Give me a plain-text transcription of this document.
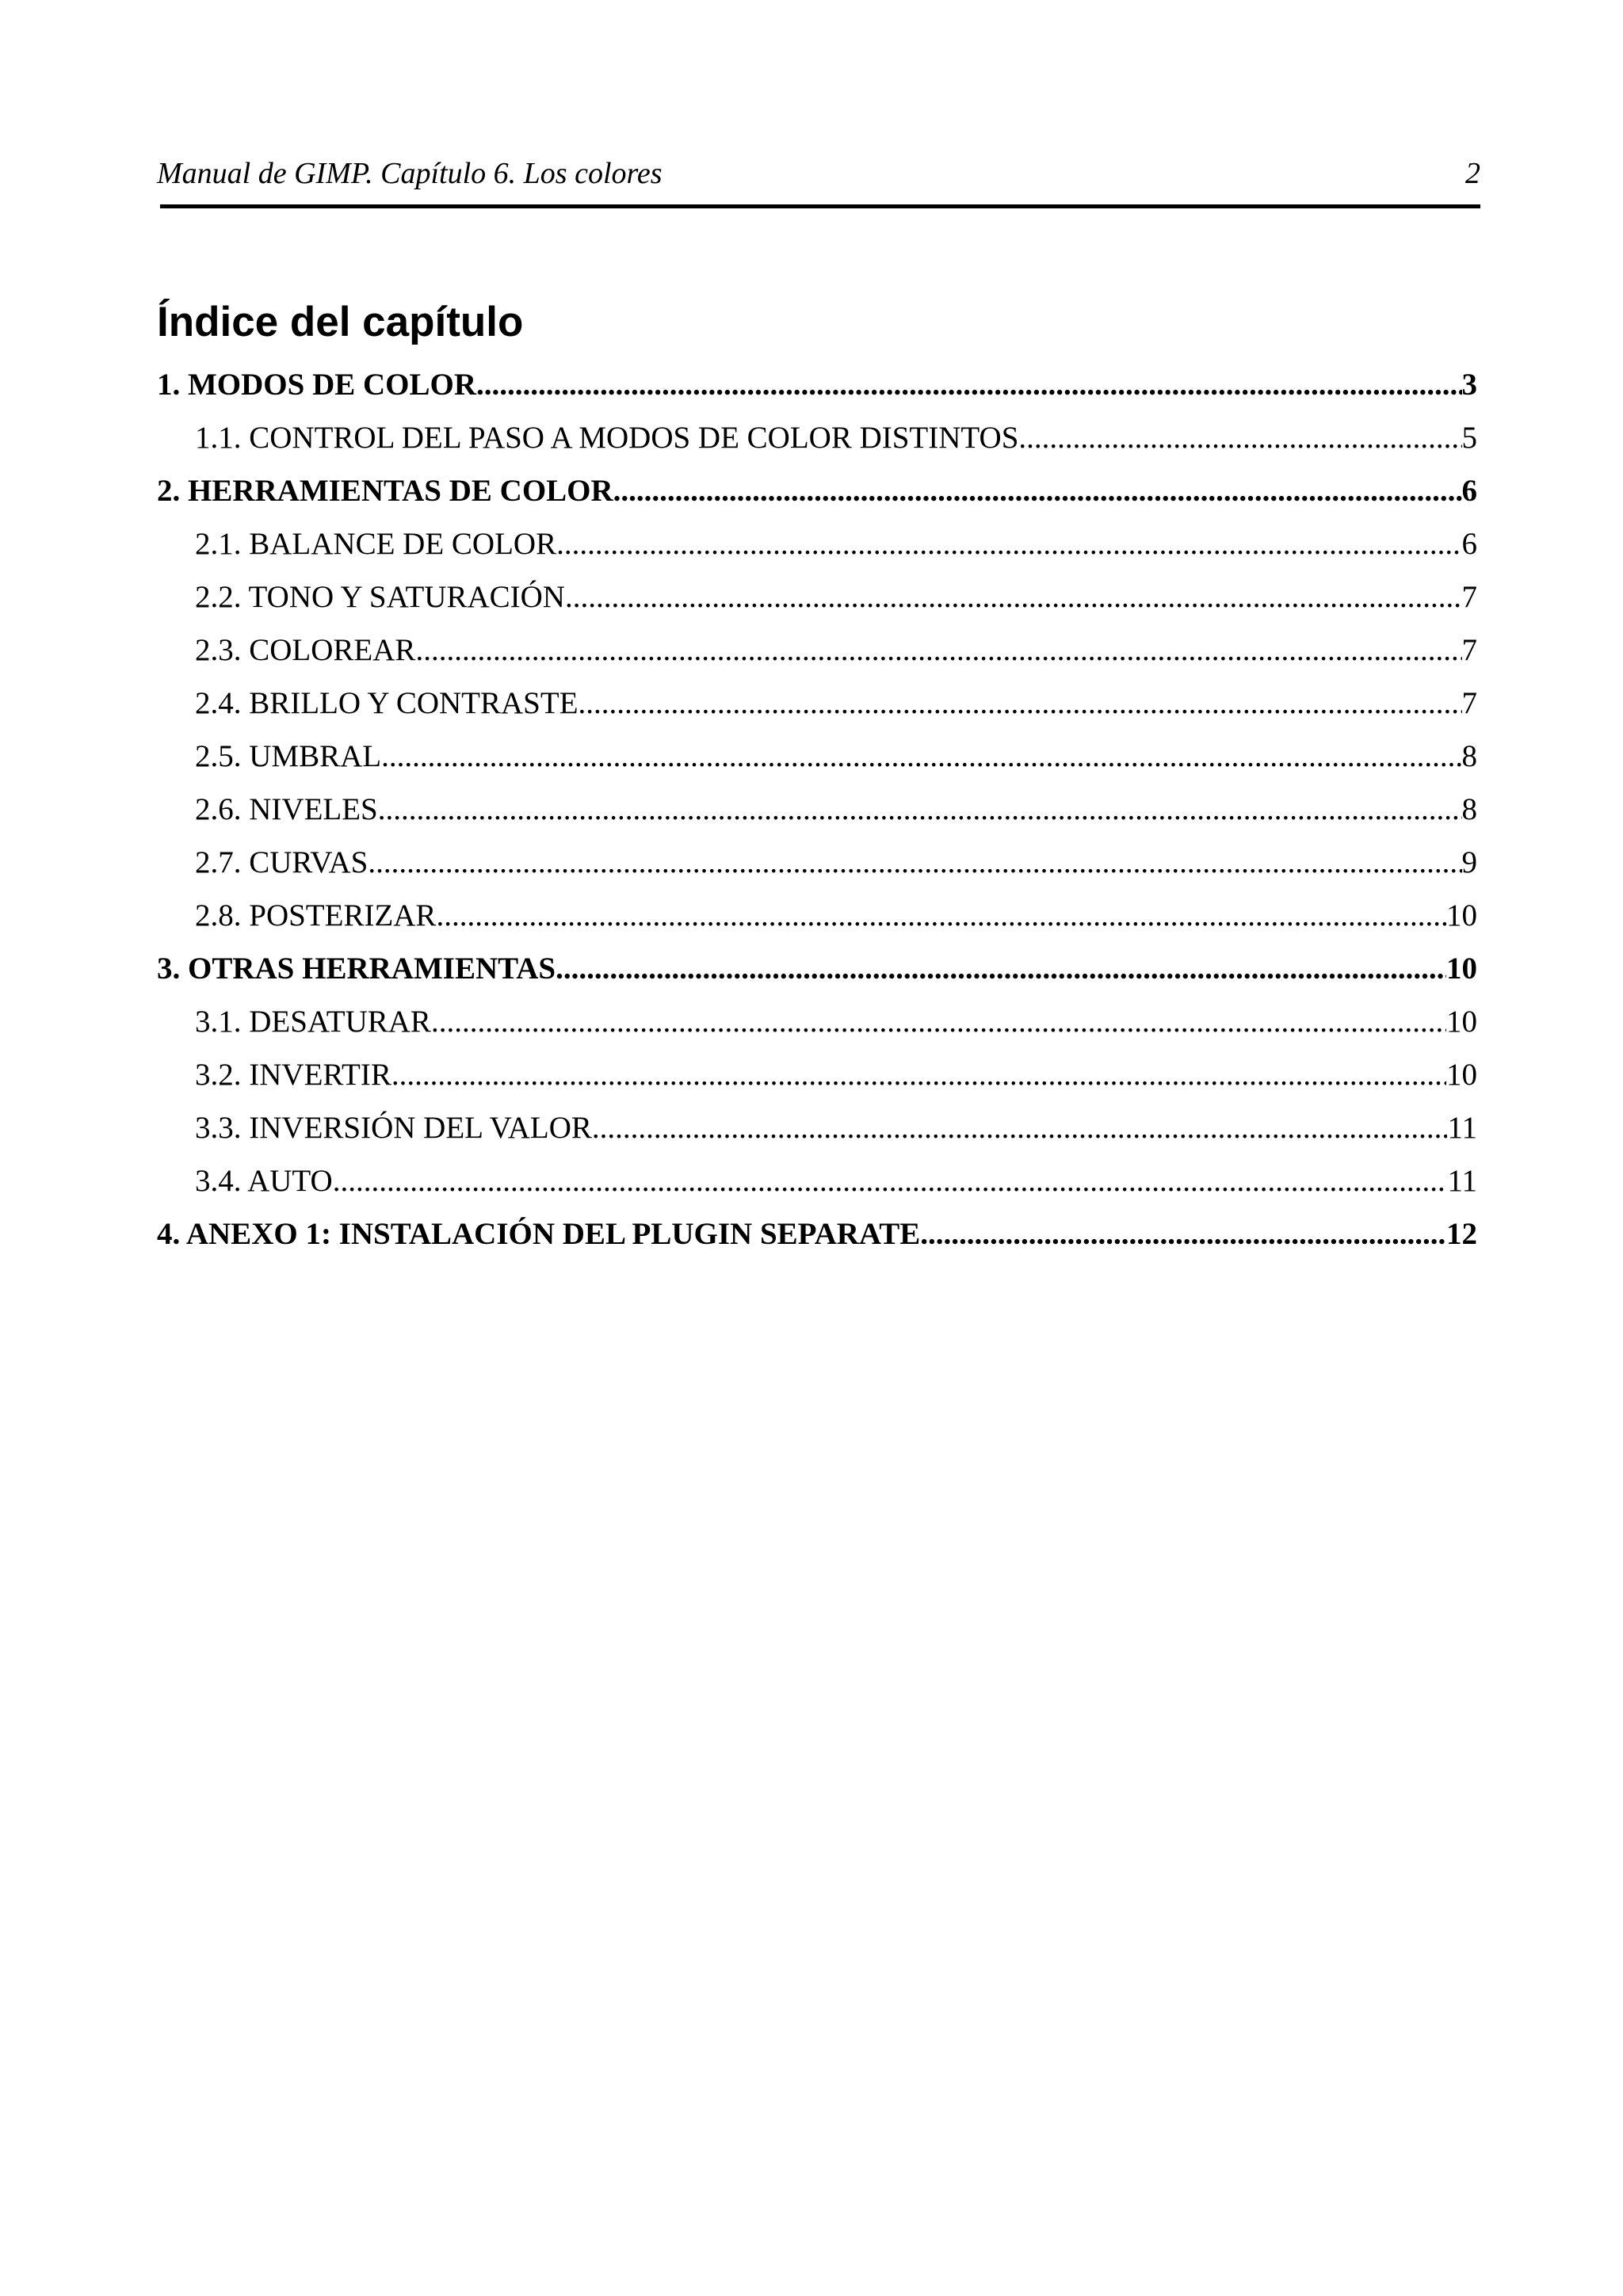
Manual de GIMP. Capítulo 6. Los colores	2
Índice del capítulo
1. MODOS DE COLOR .....	3
1.1. CONTROL DEL PASO A MODOS DE COLOR DISTINTOS .....	5
2. HERRAMIENTAS DE COLOR .....	6
2.1. BALANCE DE COLOR .....	6
2.2. TONO Y SATURACIÓN .....	7
2.3. COLOREAR .....	7
2.4. BRILLO Y CONTRASTE .....	7
2.5. UMBRAL .....	8
2.6. NIVELES .....	8
2.7. CURVAS .....	9
2.8. POSTERIZAR .....	10
3. OTRAS HERRAMIENTAS .....	10
3.1. DESATURAR .....	10
3.2. INVERTIR .....	10
3.3. INVERSIÓN DEL VALOR .....	11
3.4. AUTO .....	11
4. ANEXO 1: INSTALACIÓN DEL PLUGIN SEPARATE .....	12
